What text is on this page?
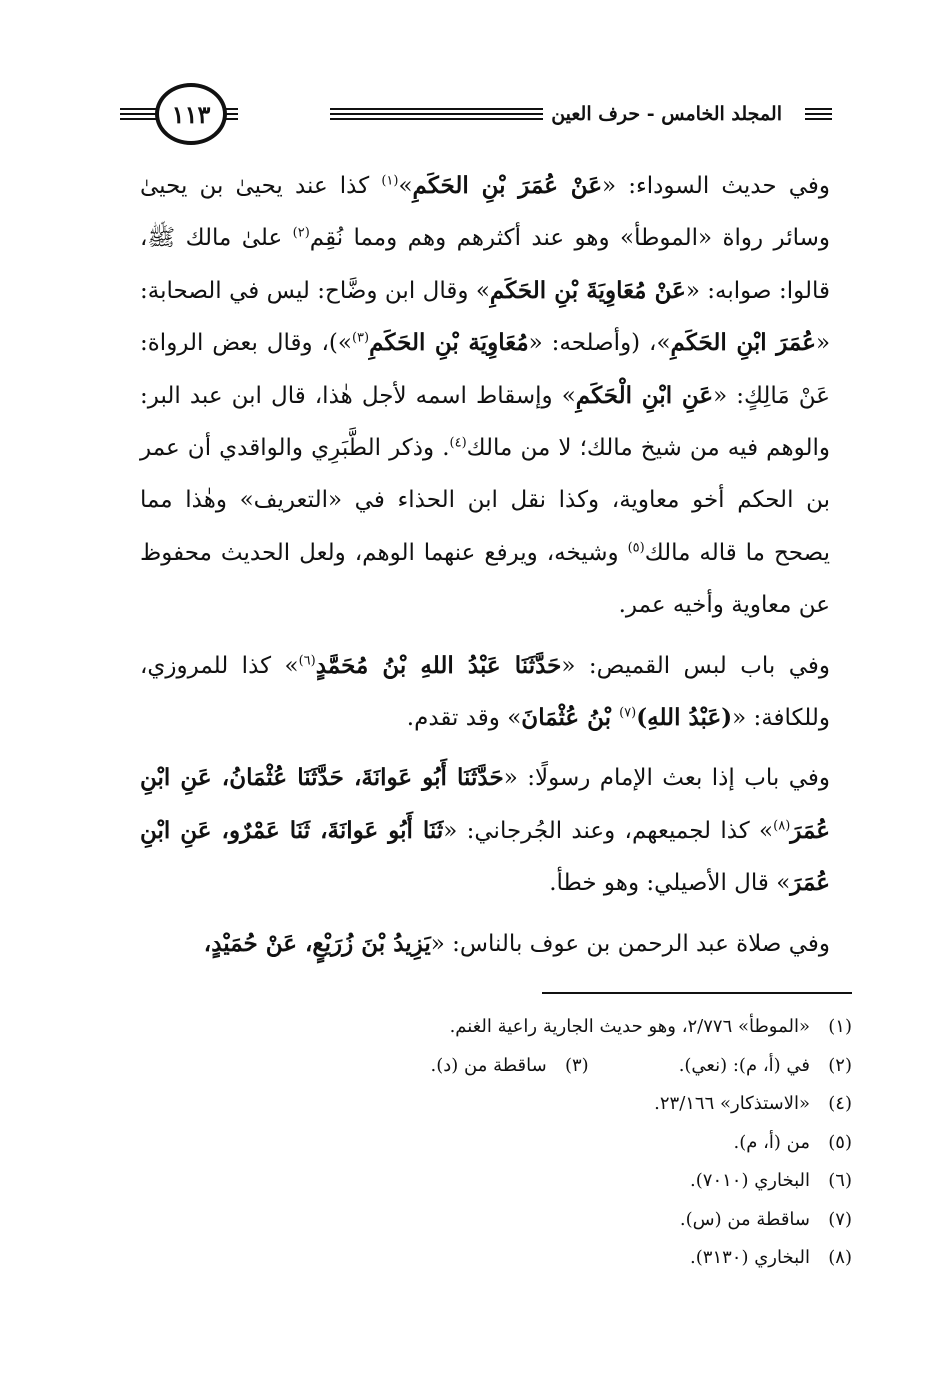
المجلد الخامس - حرف العين
١١٣

وفي حديث السوداء: «عَنْ عُمَرَ بْنِ الحَكَمِ»$^{(١)}$ كذا عند يحيىٰ بن يحيىٰ وسائر رواة «الموطأ» وهو عند أكثرهم وهم ومما نُقِم$^{(٢)}$ علىٰ مالك ﷺ، قالوا: صوابه: «عَنْ مُعَاوِيَةَ بْنِ الحَكَمِ» وقال ابن وضَّاح: ليس في الصحابة: «عُمَرَ ابْنِ الحَكَمِ»، (وأصلحه: «مُعَاوِيَة بْنِ الحَكَمِ$^{(٣)}$»)، وقال بعض الرواة: عَنْ مَالِكٍ: «عَنِ ابْنِ الْحَكَمِ» وإسقاط اسمه لأجل هٰذا، قال ابن عبد البر: والوهم فيه من شيخ مالك؛ لا من مالك$^{(٤)}$. وذكر الطَّبَرِي والواقدي أن عمر بن الحكم أخو معاوية، وكذا نقل ابن الحذاء في «التعريف» وهٰذا مما يصحح ما قاله مالك$^{(٥)}$ وشيخه، ويرفع عنهما الوهم، ولعل الحديث محفوظ عن معاوية وأخيه عمر.

وفي باب لبس القميص: «حَدَّثَنَا عَبْدُ اللهِ بْنُ مُحَمَّدٍ$^{(٦)}$» كذا للمروزي، وللكافة: «(عَبْدُ اللهِ)$^{(٧)}$ بْنُ عُثْمَانَ» وقد تقدم.

وفي باب إذا بعث الإمام رسولًا: «حَدَّثَنَا أَبُو عَوانَةَ، حَدَّثَنَا عُثْمَانُ، عَنِ ابْنِ عُمَرَ$^{(٨)}$» كذا لجميعهم، وعند الجُرجاني: «ثَنَا أَبُو عَوانَةَ، ثَنَا عَمْرٌو، عَنِ ابْنِ عُمَرَ» قال الأصيلي: وهو خطأ.

وفي صلاة عبد الرحمن بن عوف بالناس: «يَزِيدُ بْنَ زُرَيْعٍ، عَنْ حُمَيْدٍ،

(١)«الموطأ» ٢/٧٧٦، وهو حديث الجارية راعية الغنم.
(٢)في (أ، م): (نعي).
(٣)ساقطة من (د).
(٤)«الاستذكار» ٢٣/١٦٦.
(٥)من (أ، م).
(٦)البخاري (٧٠١٠).
(٧)ساقطة من (س).
(٨)البخاري (٣١٣٠).
